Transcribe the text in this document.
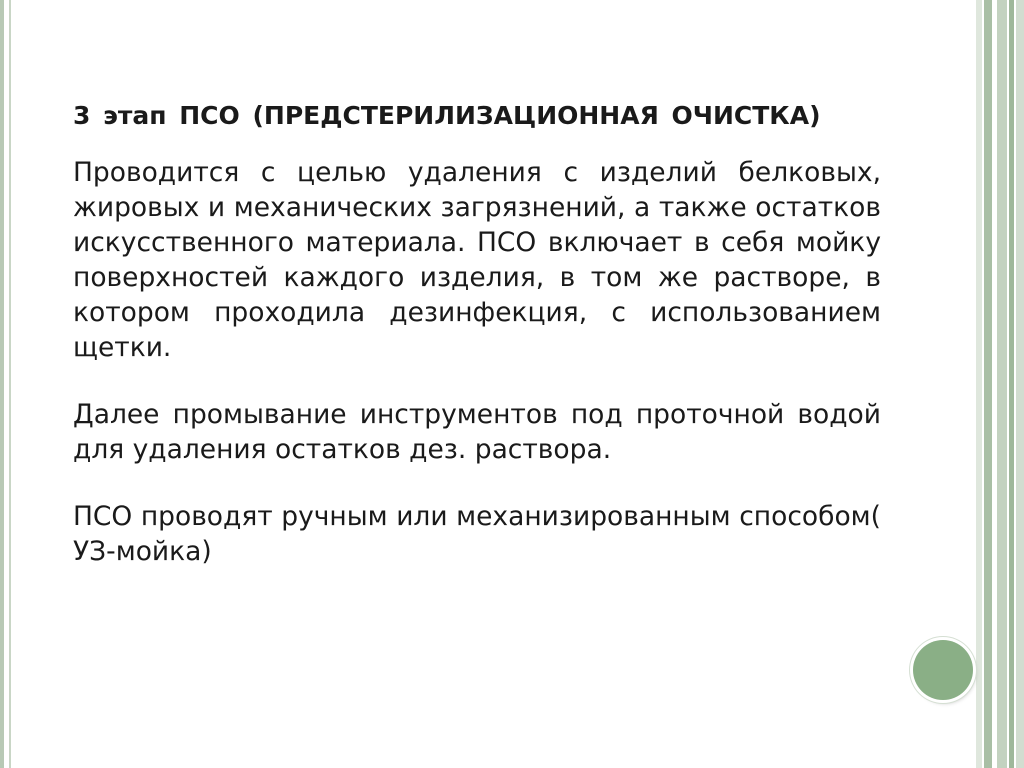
3 этап ПСО (ПРЕДСТЕРИЛИЗАЦИОННАЯ ОЧИСТКА)

Проводится с целью удаления с изделий белковых, жировых и механических загрязнений, а также остатков искусственного материала. ПСО включает в себя мойку поверхностей каждого изделия, в том же растворе, в котором проходила дезинфекция, с использованием щетки.

Далее промывание инструментов под проточной водой для удаления остатков дез. раствора.

ПСО проводят ручным или механизированным способом( УЗ-мойка)
